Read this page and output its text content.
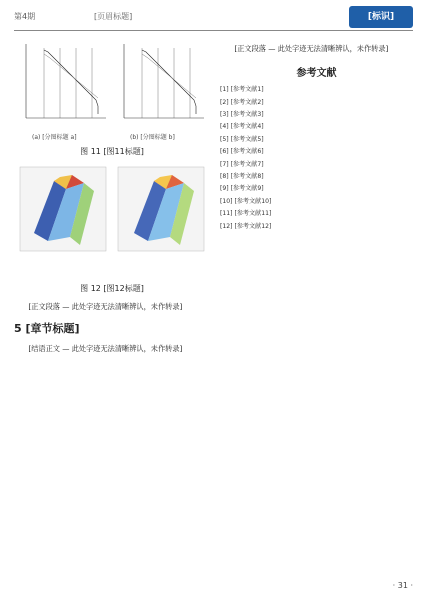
第4期	[页眉标题]	[标识]
(a) [分图标题 a]	(b) [分图标题 b]
图 11 [图11标题]
图 12 [图12标题]

[正文段落 — 此处字迹无法清晰辨认，未作转录]

5 [章节标题]

[结语正文 — 此处字迹无法清晰辨认，未作转录]

[正文段落 — 此处字迹无法清晰辨认，未作转录]

参考文献
[1] [参考文献1]
[2] [参考文献2]
[3] [参考文献3]
[4] [参考文献4]
[5] [参考文献5]
[6] [参考文献6]
[7] [参考文献7]
[8] [参考文献8]
[9] [参考文献9]
[10] [参考文献10]
[11] [参考文献11]
[12] [参考文献12]
· 31 ·
